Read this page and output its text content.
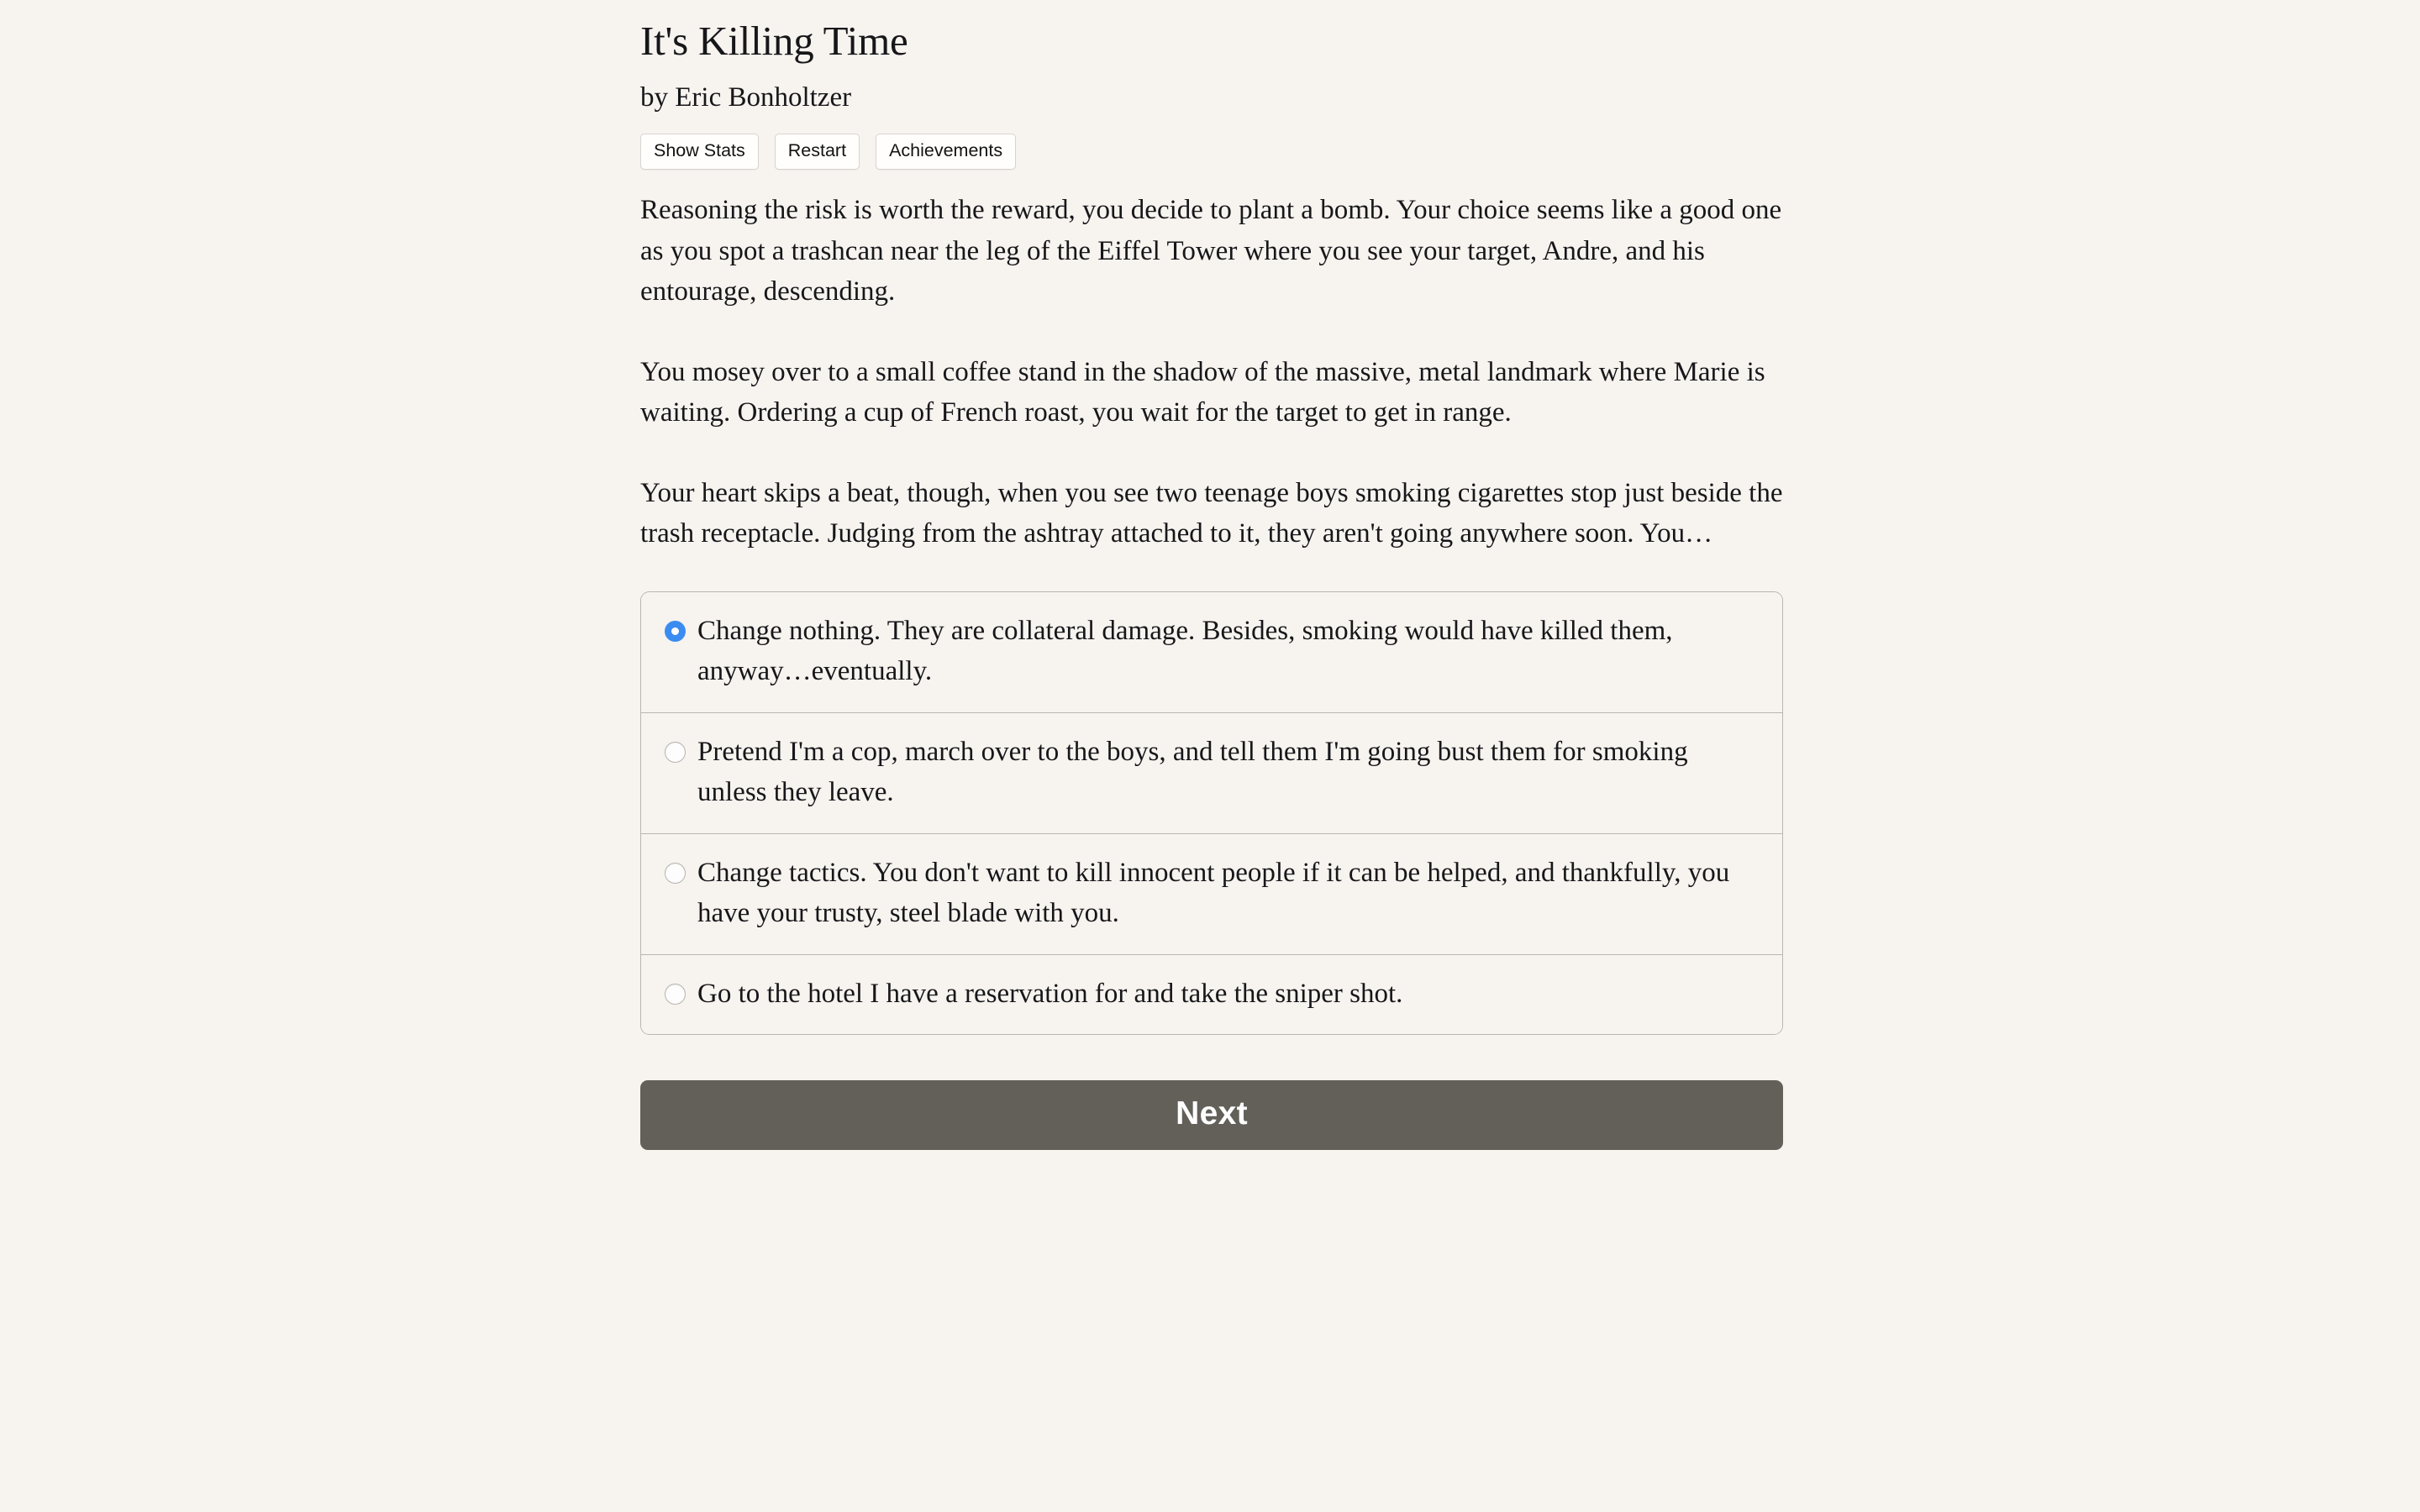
It's Killing Time
by Eric Bonholtzer
Show Stats	Restart	Achievements

Reasoning the risk is worth the reward, you decide to plant a bomb. Your choice seems like a good one as you spot a trashcan near the leg of the Eiffel Tower where you see your target, Andre, and his entourage, descending.

You mosey over to a small coffee stand in the shadow of the massive, metal landmark where Marie is waiting. Ordering a cup of French roast, you wait for the target to get in range.

Your heart skips a beat, though, when you see two teenage boys smoking cigarettes stop just beside the trash receptacle. Judging from the ashtray attached to it, they aren't going anywhere soon. You…

Change nothing. They are collateral damage. Besides, smoking would have killed them, anyway…eventually.
Pretend I'm a cop, march over to the boys, and tell them I'm going bust them for smoking unless they leave.
Change tactics. You don't want to kill innocent people if it can be helped, and thankfully, you have your trusty, steel blade with you.
Go to the hotel I have a reservation for and take the sniper shot.
Next
